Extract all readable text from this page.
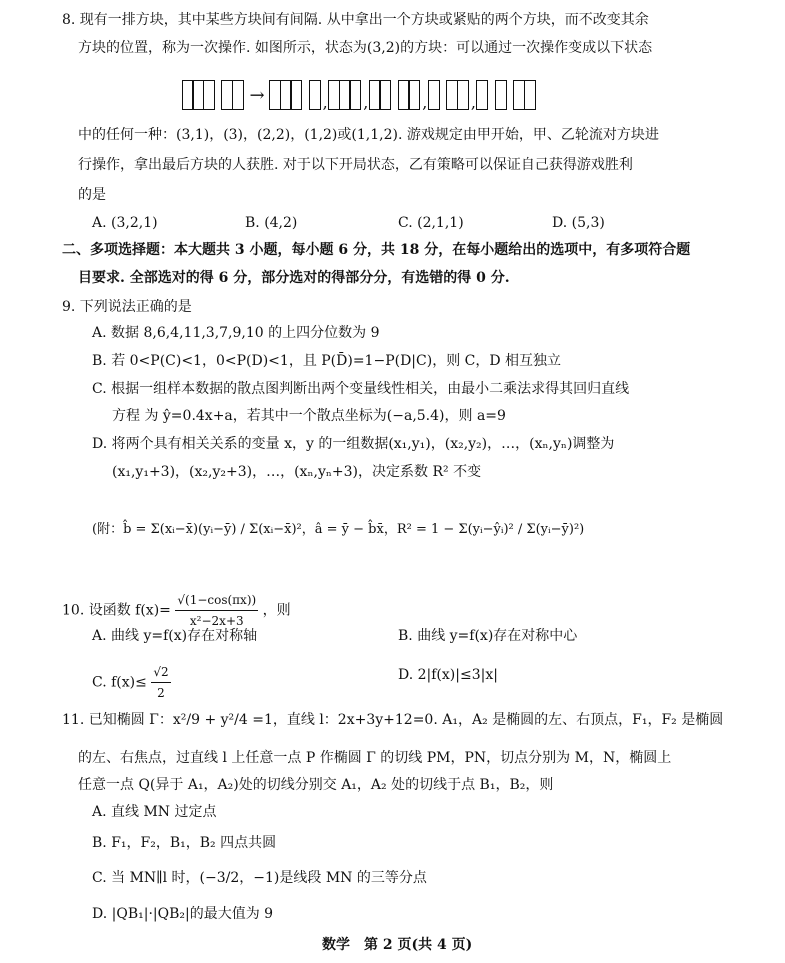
8. 现有一排方块，其中某些方块间有间隔. 从中拿出一个方块或紧贴的两个方块，而不改变其余
方块的位置，称为一次操作. 如图所示，状态为(3,2)的方块：可以通过一次操作变成以下状态
→	, ,	,	,
中的任何一种：(3,1)，(3)，(2,2)，(1,2)或(1,1,2). 游戏规定由甲开始，甲、乙轮流对方块进
行操作，拿出最后方块的人获胜. 对于以下开局状态，乙有策略可以保证自己获得游戏胜利
的是
A. (3,2,1)	B. (4,2)	C. (2,1,1)	D. (5,3)
二、多项选择题：本大题共 3 小题，每小题 6 分，共 18 分，在每小题给出的选项中，有多项符合题
目要求. 全部选对的得 6 分，部分选对的得部分分，有选错的得 0 分.
9. 下列说法正确的是
A. 数据 8,6,4,11,3,7,9,10 的上四分位数为 9
B. 若 0<P(C)<1，0<P(D)<1，且 P(D̄)=1−P(D|C)，则 C，D 相互独立
C. 根据一组样本数据的散点图判断出两个变量线性相关，由最小二乘法求得其回归直线
方程 为 ŷ=0.4x+a，若其中一个散点坐标为(−a,5.4)，则 a=9
D. 将两个具有相关关系的变量 x，y 的一组数据(x₁,y₁)，(x₂,y₂)，…，(xₙ,yₙ)调整为
(x₁,y₁+3)，(x₂,y₂+3)，…，(xₙ,yₙ+3)，决定系数 R² 不变
(附：b̂ = Σ(xᵢ−x̄)(yᵢ−ȳ) / Σ(xᵢ−x̄)²，â = ȳ − b̂x̄，R² = 1 − Σ(yᵢ−ŷᵢ)² / Σ(yᵢ−ȳ)²)
10. 设函数 $f(x)= \frac{√(1-\cos(\pi x))}{\text{x²−2x+3}}$ ，则
A. 曲线 y=f(x)存在对称轴	B. 曲线 y=f(x)存在对称中心
C. $f(x)\le \frac{√2}{2}$	D. 2|f(x)|≤3|x|
11. 已知椭圆 Γ：x²/9 + y²/4 =1，直线 l：2x+3y+12=0. A₁，A₂ 是椭圆的左、右顶点，F₁，F₂ 是椭圆
的左、右焦点，过直线 l 上任意一点 P 作椭圆 Γ 的切线 PM，PN，切点分别为 M，N，椭圆上
任意一点 Q(异于 A₁，A₂)处的切线分别交 A₁，A₂ 处的切线于点 B₁，B₂，则
A. 直线 MN 过定点
B. F₁，F₂，B₁，B₂ 四点共圆
C. 当 MN∥l 时，(−3/2，−1)是线段 MN 的三等分点
D. |QB₁|·|QB₂|的最大值为 9
数学　第 2 页(共 4 页)
